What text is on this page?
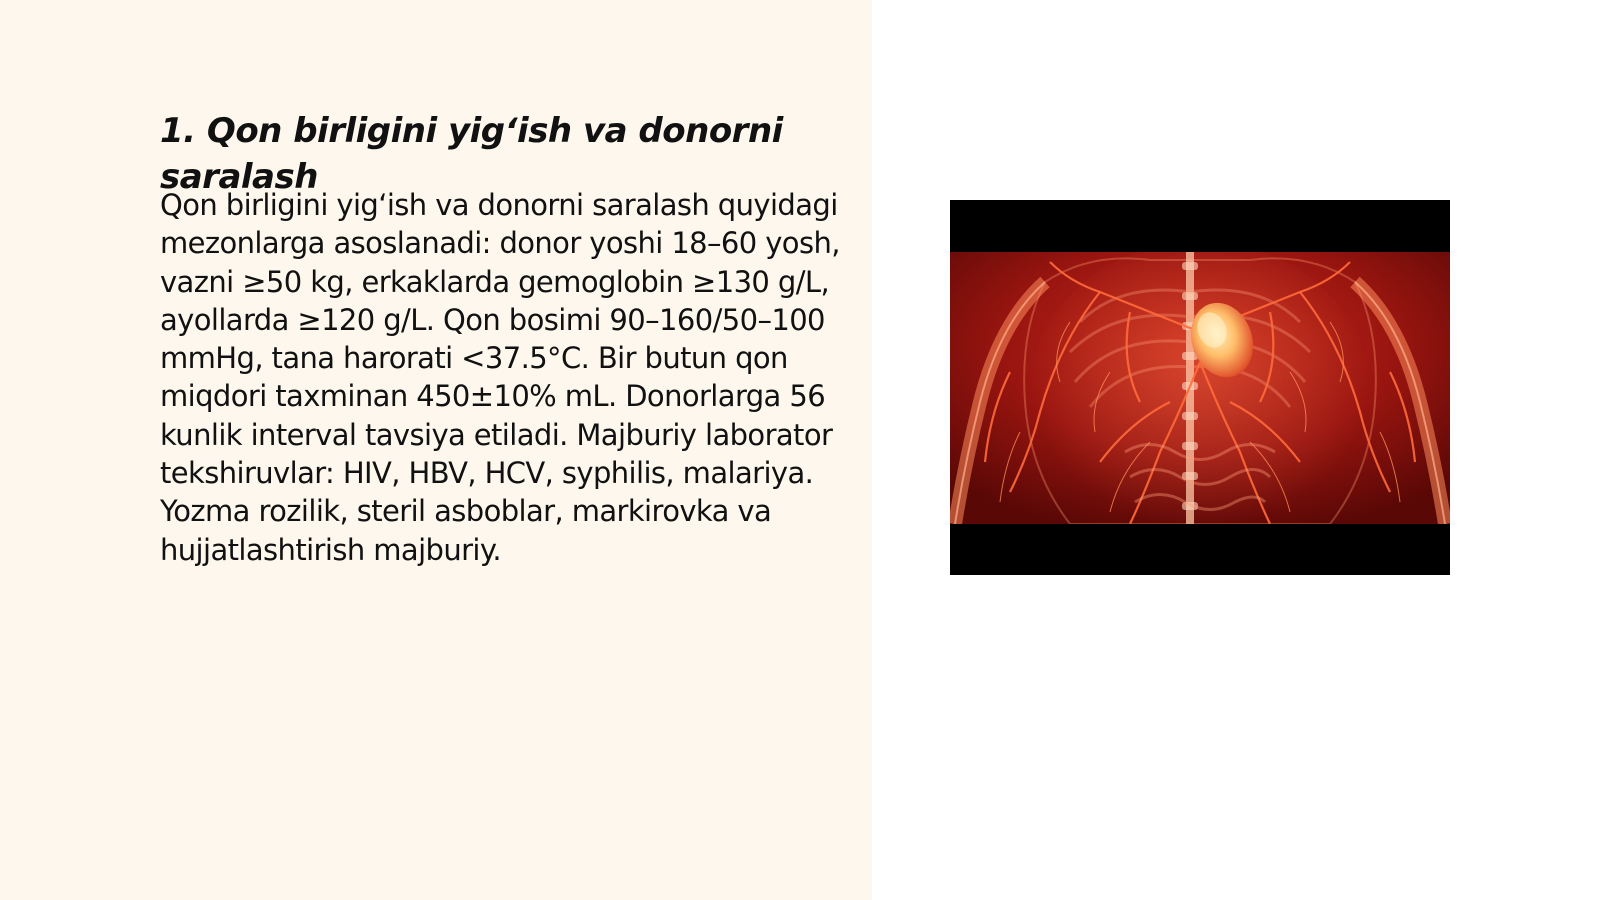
1. Qon birligini yig‘ish va donorni saralash

Qon birligini yig‘ish va donorni saralash quyidagi mezonlarga asoslanadi: donor yoshi 18–60 yosh, vazni ≥50 kg, erkaklarda gemoglobin ≥130 g/L, ayollarda ≥120 g/L. Qon bosimi 90–160/50–100 mmHg, tana harorati <37.5°C. Bir butun qon miqdori taxminan 450±10% mL. Donorlarga 56 kunlik interval tavsiya etiladi. Majburiy laborator tekshiruvlar: HIV, HBV, HCV, syphilis, malariya. Yozma rozilik, steril asboblar, markirovka va hujjatlashtirish majburiy.
